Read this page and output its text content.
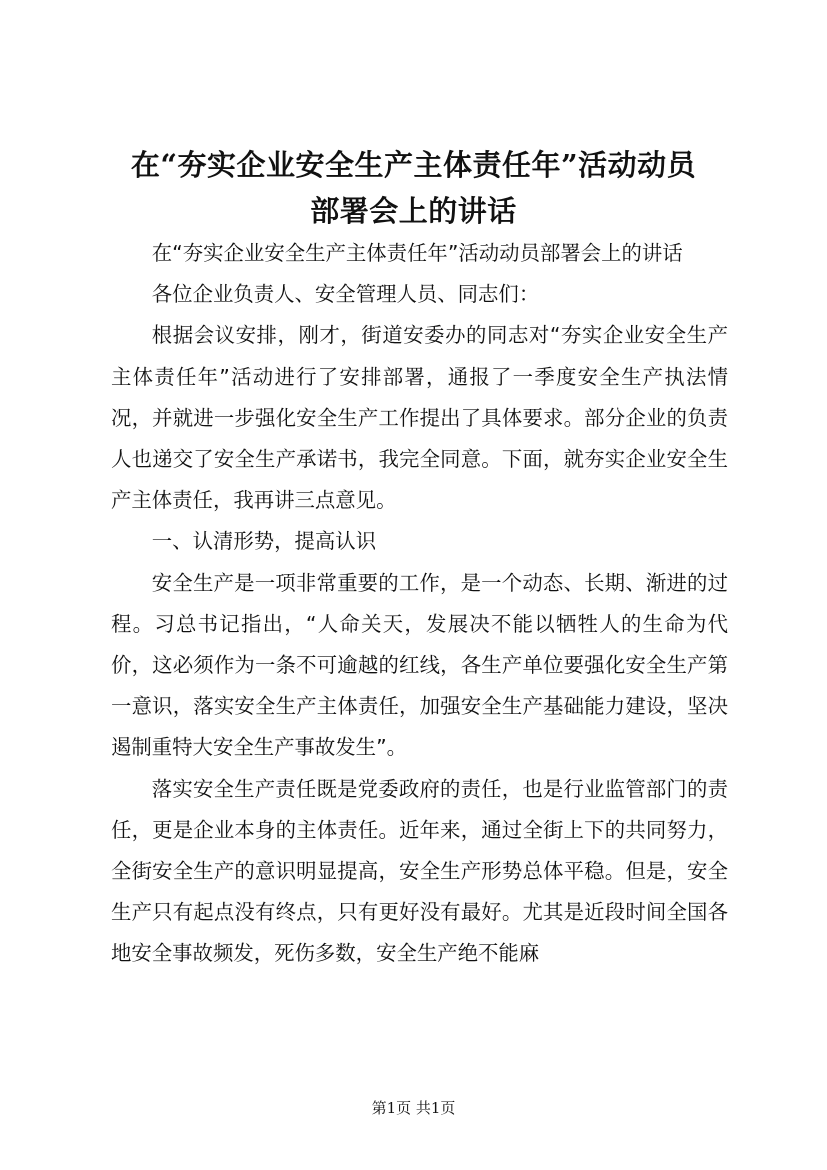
在“夯实企业安全生产主体责任年”活动动员
部署会上的讲话

在“夯实企业安全生产主体责任年”活动动员部署会上的讲话

各位企业负责人、安全管理人员、同志们：

根据会议安排，刚才，街道安委办的同志对“夯实企业安全生产主体责任年”活动进行了安排部署，通报了一季度安全生产执法情况，并就进一步强化安全生产工作提出了具体要求。部分企业的负责人也递交了安全生产承诺书，我完全同意。下面，就夯实企业安全生产主体责任，我再讲三点意见。

一、认清形势，提高认识

安全生产是一项非常重要的工作，是一个动态、长期、渐进的过程。习总书记指出，“人命关天，发展决不能以牺牲人的生命为代价，这必须作为一条不可逾越的红线，各生产单位要强化安全生产第一意识，落实安全生产主体责任，加强安全生产基础能力建设，坚决遏制重特大安全生产事故发生”。

落实安全生产责任既是党委政府的责任，也是行业监管部门的责任，更是企业本身的主体责任。近年来，通过全街上下的共同努力，全街安全生产的意识明显提高，安全生产形势总体平稳。但是，安全生产只有起点没有终点，只有更好没有最好。尤其是近段时间全国各地安全事故频发，死伤多数，安全生产绝不能麻

第1页 共1页
